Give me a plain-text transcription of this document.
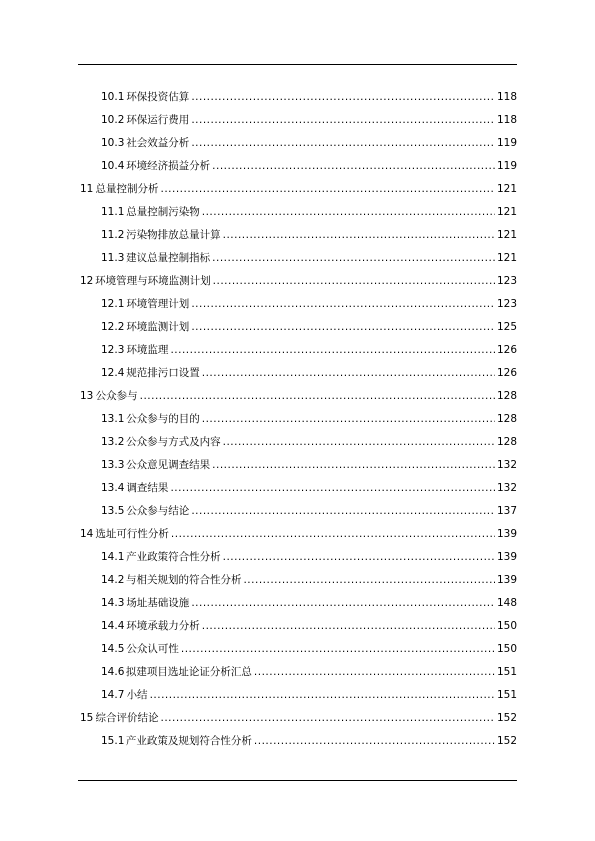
10.1 环保投资估算 .....	118
10.2 环保运行费用 .....	118
10.3 社会效益分析 .....	119
10.4 环境经济损益分析 .....	119
11 总量控制分析 .....	121
11.1 总量控制污染物 .....	121
11.2 污染物排放总量计算 .....	121
11.3 建议总量控制指标 .....	121
12 环境管理与环境监测计划 .....	123
12.1 环境管理计划 .....	123
12.2 环境监测计划 .....	125
12.3 环境监理 .....	126
12.4 规范排污口设置 .....	126
13 公众参与 .....	128
13.1 公众参与的目的 .....	128
13.2 公众参与方式及内容 .....	128
13.3 公众意见调查结果 .....	132
13.4 调查结果 .....	132
13.5 公众参与结论 .....	137
14 选址可行性分析 .....	139
14.1 产业政策符合性分析 .....	139
14.2 与相关规划的符合性分析 .....	139
14.3 场址基础设施 .....	148
14.4 环境承载力分析 .....	150
14.5 公众认可性 .....	150
14.6 拟建项目选址论证分析汇总 .....	151
14.7 小结 .....	151
15 综合评价结论 .....	152
15.1 产业政策及规划符合性分析 .....	152
